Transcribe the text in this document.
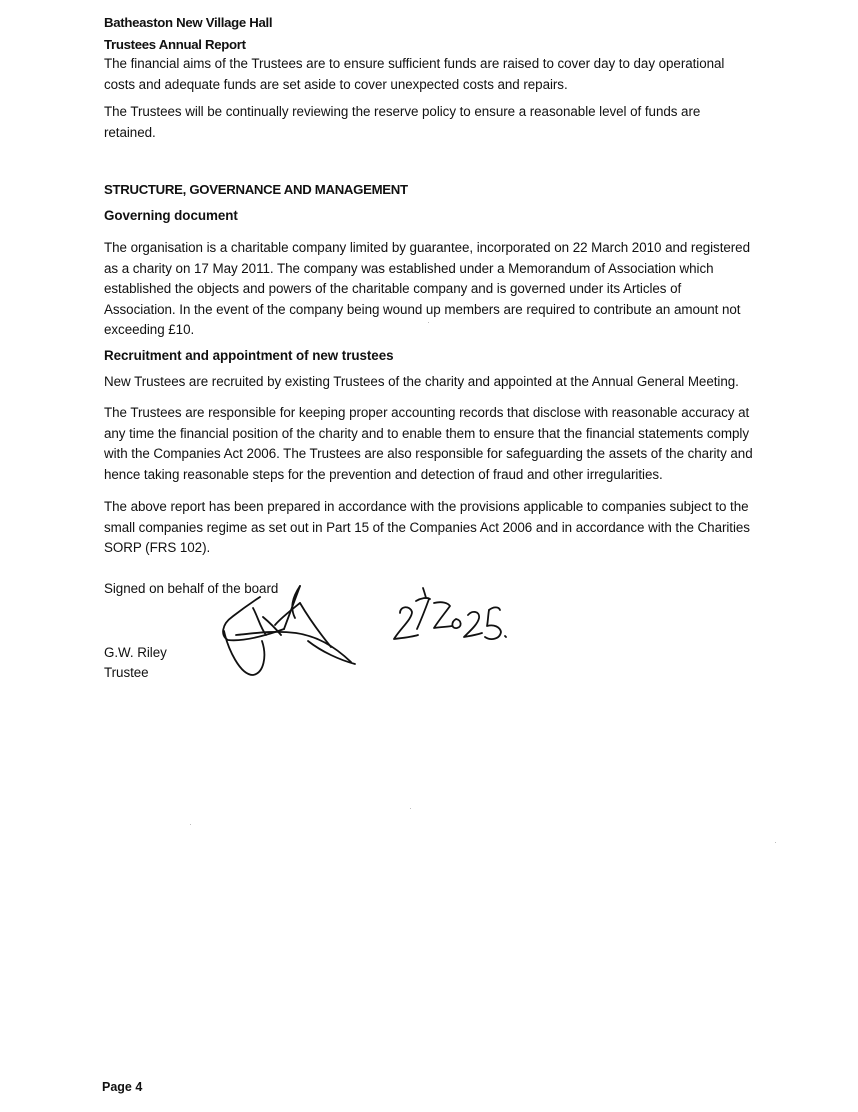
Batheaston New Village Hall
Trustees Annual Report
The financial aims of the Trustees are to ensure sufficient funds are raised to cover day to day operational costs and adequate funds are set aside to cover unexpected costs and repairs.
The Trustees will be continually reviewing the reserve policy to ensure a reasonable level of funds are retained.
STRUCTURE, GOVERNANCE AND MANAGEMENT
Governing document
The organisation is a charitable company limited by guarantee, incorporated on 22 March 2010 and registered as a charity on 17 May 2011. The company was established under a Memorandum of Association which established the objects and powers of the charitable company and is governed under its Articles of Association. In the event of the company being wound up members are required to contribute an amount not exceeding £10.
Recruitment and appointment of new trustees
New Trustees are recruited by existing Trustees of the charity and appointed at the Annual General Meeting.
The Trustees are responsible for keeping proper accounting records that disclose with reasonable accuracy at any time the financial position of the charity and to enable them to ensure that the financial statements comply with the Companies Act 2006. The Trustees are also responsible for safeguarding the assets of the charity and hence taking reasonable steps for the prevention and detection of fraud and other irregularities.
The above report has been prepared in accordance with the provisions applicable to companies subject to the small companies regime as set out in Part 15 of the Companies Act 2006 and in accordance with the Charities SORP (FRS 102).
Signed on behalf of the board
G.W. Riley
Trustee
Page 4
